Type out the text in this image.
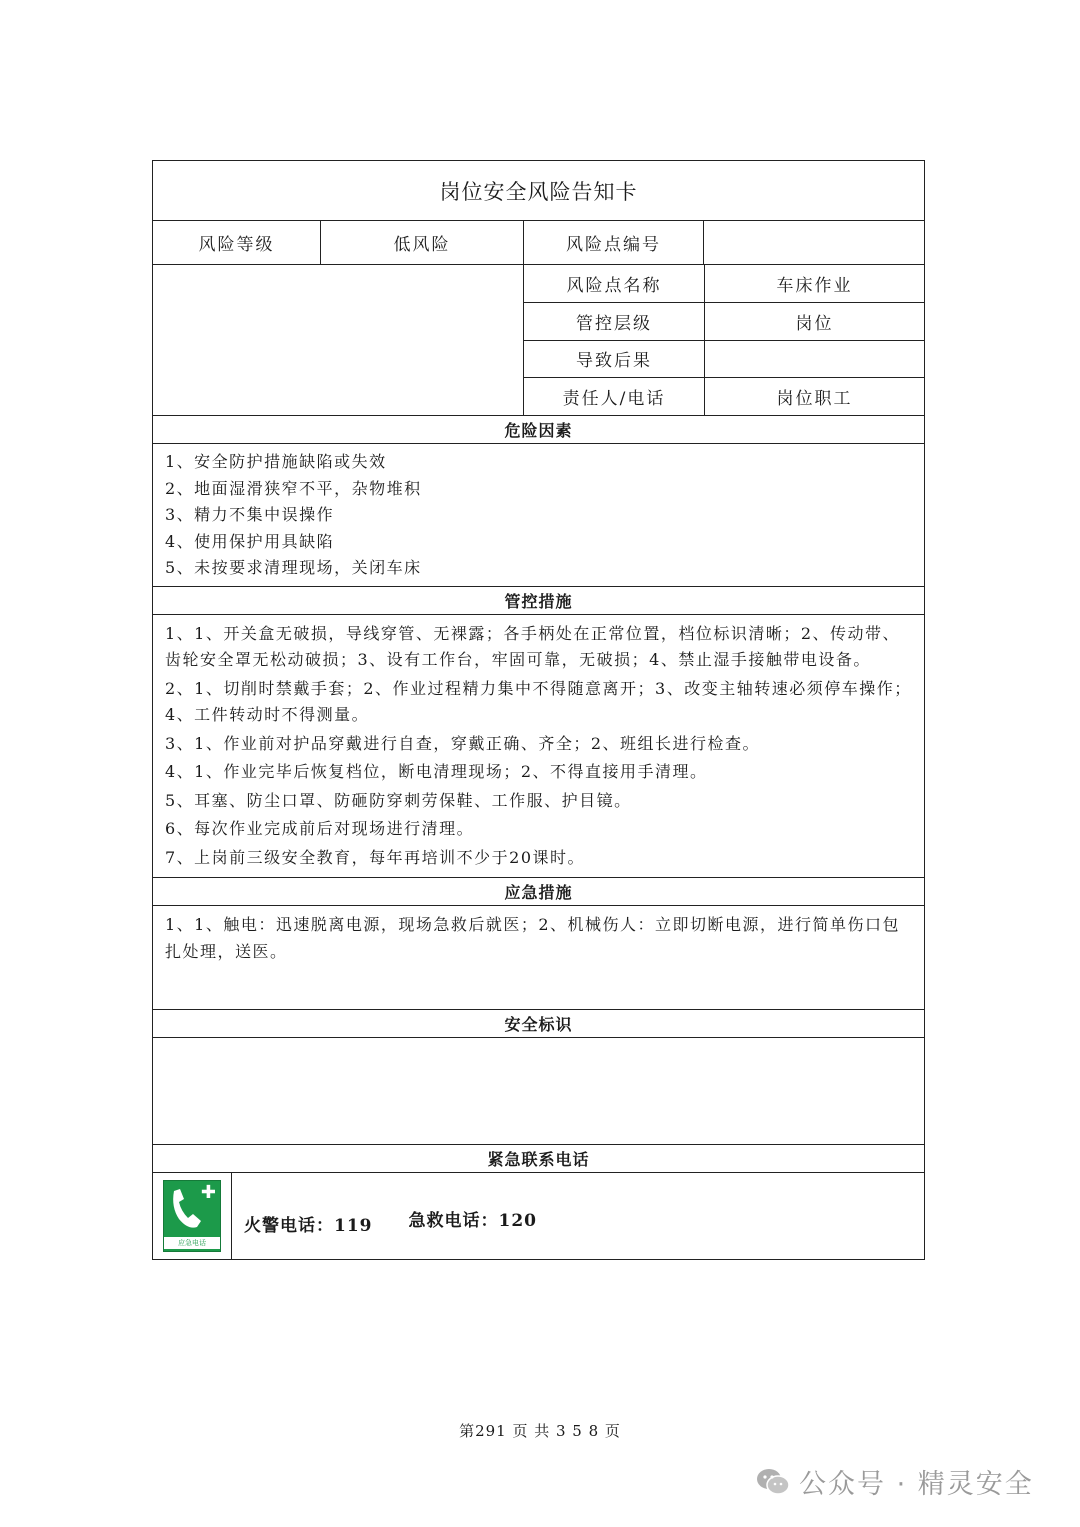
岗位安全风险告知卡
风险等级	低风险	风险点编号
风险点名称	车床作业
管控层级	岗位
导致后果
责任人/电话	岗位职工
危险因素

1、安全防护措施缺陷或失效

2、地面湿滑狭窄不平，杂物堆积

3、精力不集中误操作

4、使用保护用具缺陷

5、未按要求清理现场，关闭车床

管控措施

1、1、开关盒无破损，导线穿管、无裸露；各手柄处在正常位置，档位标识清晰；2、传动带、齿轮安全罩无松动破损；3、设有工作台，牢固可靠，无破损；4、禁止湿手接触带电设备。

2、1、切削时禁戴手套；2、作业过程精力集中不得随意离开；3、改变主轴转速必须停车操作；4、工件转动时不得测量。

3、1、作业前对护品穿戴进行自查，穿戴正确、齐全；2、班组长进行检查。

4、1、作业完毕后恢复档位，断电清理现场；2、不得直接用手清理。

5、耳塞、防尘口罩、防砸防穿刺劳保鞋、工作服、护目镜。

6、每次作业完成前后对现场进行清理。

7、上岗前三级安全教育，每年再培训不少于20课时。

应急措施

1、1、触电：迅速脱离电源，现场急救后就医；2、机械伤人：立即切断电源，进行简单伤口包扎处理，送医。

安全标识
紧急联系电话
✚
应急电话
火警电话：119 急救电话：120
第291 页 共 3 5 8 页
公众号 · 精灵安全
